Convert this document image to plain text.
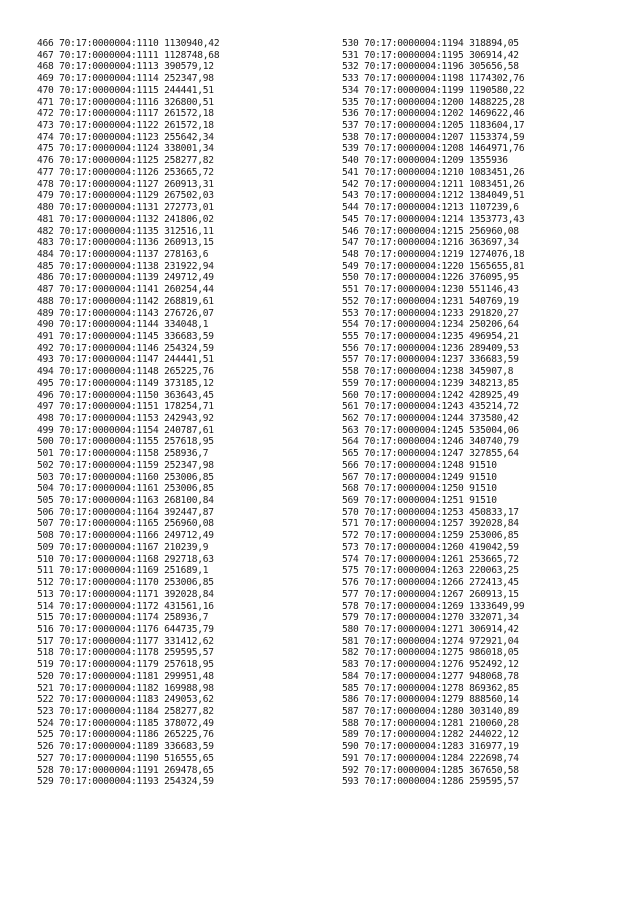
466 70:17:0000004:1110 1130940,42
467 70:17:0000004:1111 1128748,68
468 70:17:0000004:1113 390579,12
469 70:17:0000004:1114 252347,98
470 70:17:0000004:1115 244441,51
471 70:17:0000004:1116 326800,51
472 70:17:0000004:1117 261572,18
473 70:17:0000004:1122 261572,18
474 70:17:0000004:1123 255642,34
475 70:17:0000004:1124 338001,34
476 70:17:0000004:1125 258277,82
477 70:17:0000004:1126 253665,72
478 70:17:0000004:1127 260913,31
479 70:17:0000004:1129 267502,03
480 70:17:0000004:1131 272773,01
481 70:17:0000004:1132 241806,02
482 70:17:0000004:1135 312516,11
483 70:17:0000004:1136 260913,15
484 70:17:0000004:1137 278163,6
485 70:17:0000004:1138 231922,94
486 70:17:0000004:1139 249712,49
487 70:17:0000004:1141 260254,44
488 70:17:0000004:1142 268819,61
489 70:17:0000004:1143 276726,07
490 70:17:0000004:1144 334048,1
491 70:17:0000004:1145 336683,59
492 70:17:0000004:1146 254324,59
493 70:17:0000004:1147 244441,51
494 70:17:0000004:1148 265225,76
495 70:17:0000004:1149 373185,12
496 70:17:0000004:1150 363643,45
497 70:17:0000004:1151 178254,71
498 70:17:0000004:1153 242943,92
499 70:17:0000004:1154 240787,61
500 70:17:0000004:1155 257618,95
501 70:17:0000004:1158 258936,7
502 70:17:0000004:1159 252347,98
503 70:17:0000004:1160 253006,85
504 70:17:0000004:1161 253006,85
505 70:17:0000004:1163 268100,84
506 70:17:0000004:1164 392447,87
507 70:17:0000004:1165 256960,08
508 70:17:0000004:1166 249712,49
509 70:17:0000004:1167 210239,9
510 70:17:0000004:1168 292718,63
511 70:17:0000004:1169 251689,1
512 70:17:0000004:1170 253006,85
513 70:17:0000004:1171 392028,84
514 70:17:0000004:1172 431561,16
515 70:17:0000004:1174 258936,7
516 70:17:0000004:1176 644735,79
517 70:17:0000004:1177 331412,62
518 70:17:0000004:1178 259595,57
519 70:17:0000004:1179 257618,95
520 70:17:0000004:1181 299951,48
521 70:17:0000004:1182 169988,98
522 70:17:0000004:1183 249053,62
523 70:17:0000004:1184 258277,82
524 70:17:0000004:1185 378072,49
525 70:17:0000004:1186 265225,76
526 70:17:0000004:1189 336683,59
527 70:17:0000004:1190 516555,65
528 70:17:0000004:1191 269478,65
529 70:17:0000004:1193 254324,59
530 70:17:0000004:1194 318894,05
531 70:17:0000004:1195 306914,42
532 70:17:0000004:1196 305656,58
533 70:17:0000004:1198 1174302,76
534 70:17:0000004:1199 1190580,22
535 70:17:0000004:1200 1488225,28
536 70:17:0000004:1202 1469622,46
537 70:17:0000004:1205 1183604,17
538 70:17:0000004:1207 1153374,59
539 70:17:0000004:1208 1464971,76
540 70:17:0000004:1209 1355936
541 70:17:0000004:1210 1083451,26
542 70:17:0000004:1211 1083451,26
543 70:17:0000004:1212 1384049,51
544 70:17:0000004:1213 1107239,6
545 70:17:0000004:1214 1353773,43
546 70:17:0000004:1215 256960,08
547 70:17:0000004:1216 363697,34
548 70:17:0000004:1219 1274076,18
549 70:17:0000004:1220 1565655,81
550 70:17:0000004:1226 376095,95
551 70:17:0000004:1230 551146,43
552 70:17:0000004:1231 540769,19
553 70:17:0000004:1233 291820,27
554 70:17:0000004:1234 250206,64
555 70:17:0000004:1235 496954,21
556 70:17:0000004:1236 289409,53
557 70:17:0000004:1237 336683,59
558 70:17:0000004:1238 345907,8
559 70:17:0000004:1239 348213,85
560 70:17:0000004:1242 428925,49
561 70:17:0000004:1243 435214,72
562 70:17:0000004:1244 373580,42
563 70:17:0000004:1245 535004,06
564 70:17:0000004:1246 340740,79
565 70:17:0000004:1247 327855,64
566 70:17:0000004:1248 91510
567 70:17:0000004:1249 91510
568 70:17:0000004:1250 91510
569 70:17:0000004:1251 91510
570 70:17:0000004:1253 450833,17
571 70:17:0000004:1257 392028,84
572 70:17:0000004:1259 253006,85
573 70:17:0000004:1260 419042,59
574 70:17:0000004:1261 253665,72
575 70:17:0000004:1263 220063,25
576 70:17:0000004:1266 272413,45
577 70:17:0000004:1267 260913,15
578 70:17:0000004:1269 1333649,99
579 70:17:0000004:1270 332071,34
580 70:17:0000004:1271 306914,42
581 70:17:0000004:1274 972921,04
582 70:17:0000004:1275 986018,05
583 70:17:0000004:1276 952492,12
584 70:17:0000004:1277 948068,78
585 70:17:0000004:1278 869362,85
586 70:17:0000004:1279 888560,14
587 70:17:0000004:1280 303140,89
588 70:17:0000004:1281 210060,28
589 70:17:0000004:1282 244022,12
590 70:17:0000004:1283 316977,19
591 70:17:0000004:1284 222698,74
592 70:17:0000004:1285 367650,58
593 70:17:0000004:1286 259595,57
